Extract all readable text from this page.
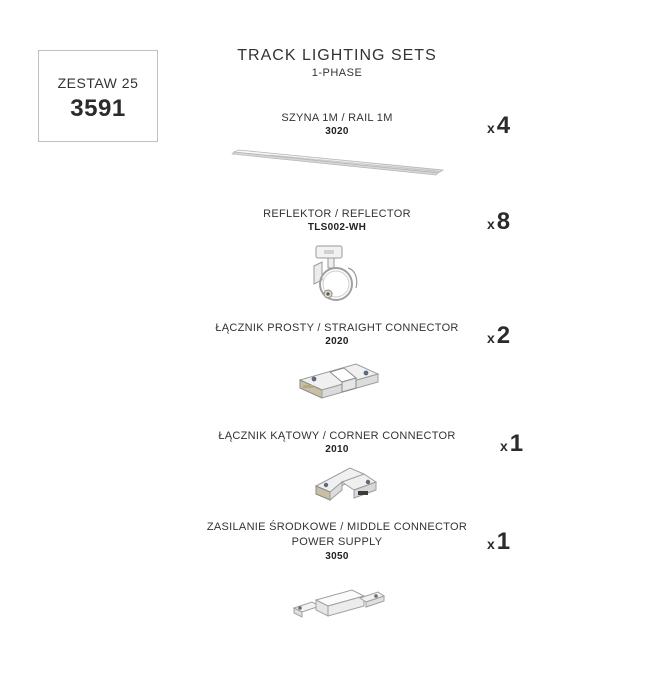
ZESTAW 25
3591
TRACK LIGHTING SETS
1-PHASE
SZYNA 1M / RAIL 1M
3020	x4
REFLEKTOR / REFLECTOR
TLS002-WH	x8
ŁĄCZNIK PROSTY / STRAIGHT CONNECTOR
2020	x2
ŁĄCZNIK KĄTOWY / CORNER CONNECTOR
2010	x1
ZASILANIE ŚRODKOWE / MIDDLE CONNECTOR
POWER SUPPLY
3050
x1
